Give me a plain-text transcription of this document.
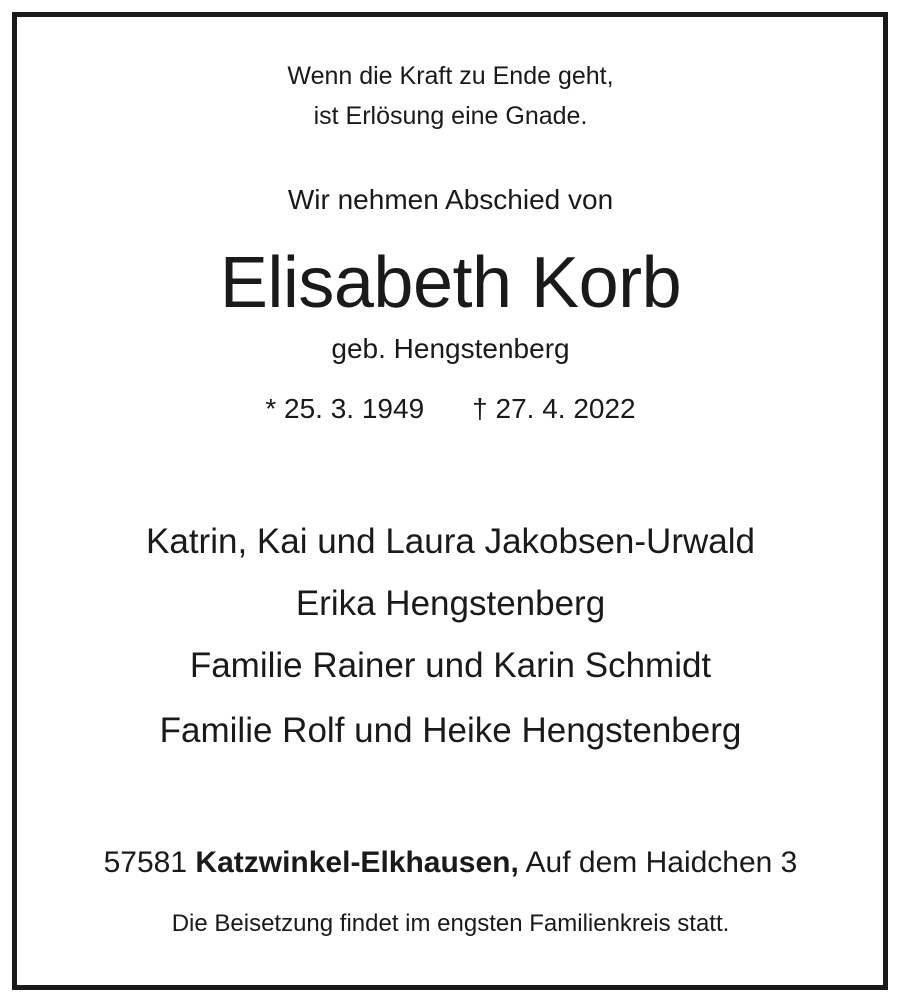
Wenn die Kraft zu Ende geht,
ist Erlösung eine Gnade.
Wir nehmen Abschied von
Elisabeth Korb
geb. Hengstenberg
* 25. 3. 1949 † 27. 4. 2022
Katrin, Kai und Laura Jakobsen-Urwald
Erika Hengstenberg
Familie Rainer und Karin Schmidt
Familie Rolf und Heike Hengstenberg
57581 Katzwinkel-Elkhausen, Auf dem Haidchen 3
Die Beisetzung findet im engsten Familienkreis statt.
